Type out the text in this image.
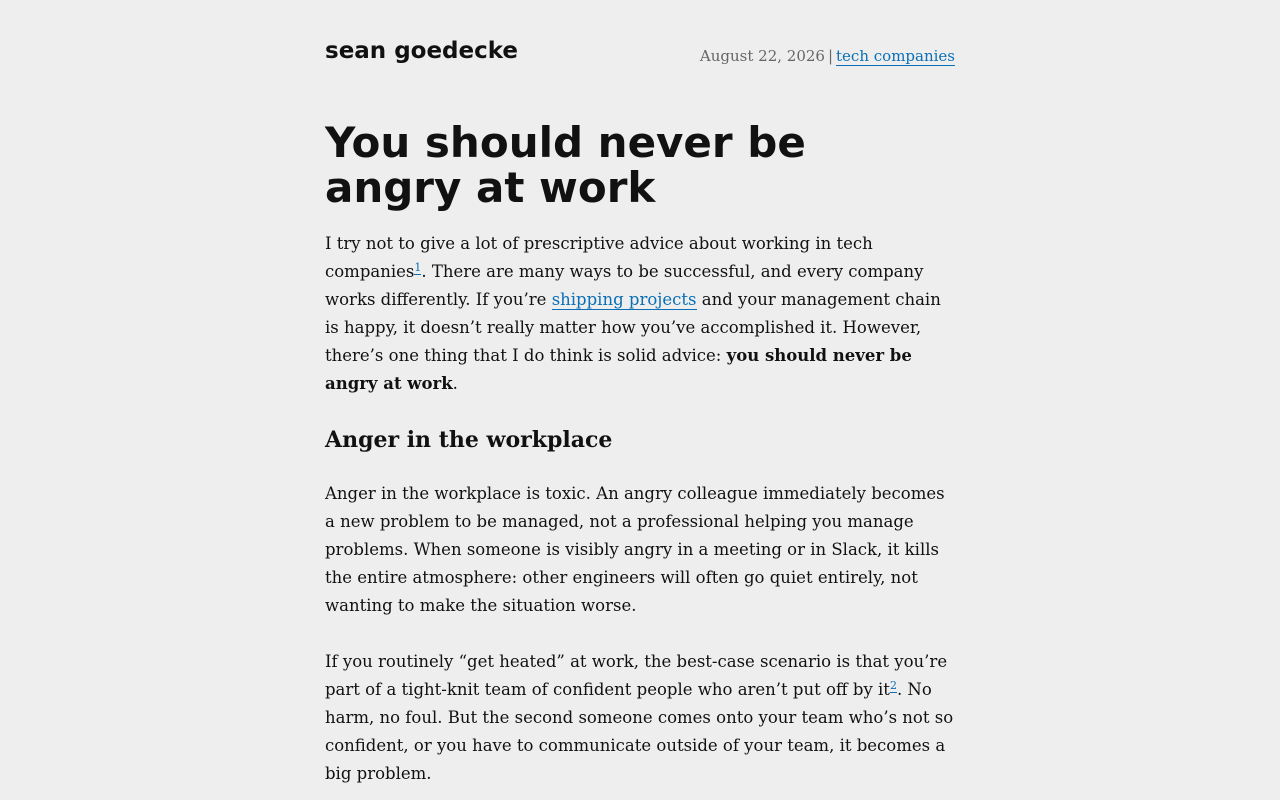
sean goedecke	August 22, 2026 | tech companies
You should never be angry at work

I try not to give a lot of prescriptive advice about working in tech companies$^1$. There are many ways to be successful, and every company works differently. If you’re shipping projects and your management chain is happy, it doesn’t really matter how you’ve accomplished it. However, there’s one thing that I do think is solid advice: you should never be angry at work.

Anger in the workplace

Anger in the workplace is toxic. An angry colleague immediately becomes a new problem to be managed, not a professional helping you manage problems. When someone is visibly angry in a meeting or in Slack, it kills the entire atmosphere: other engineers will often go quiet entirely, not wanting to make the situation worse.

If you routinely “get heated” at work, the best-case scenario is that you’re part of a tight-knit team of confident people who aren’t put off by $it^2$. No harm, no foul. But the second someone comes onto your team who’s not so confident, or you have to communicate outside of your team, it becomes a big problem.
